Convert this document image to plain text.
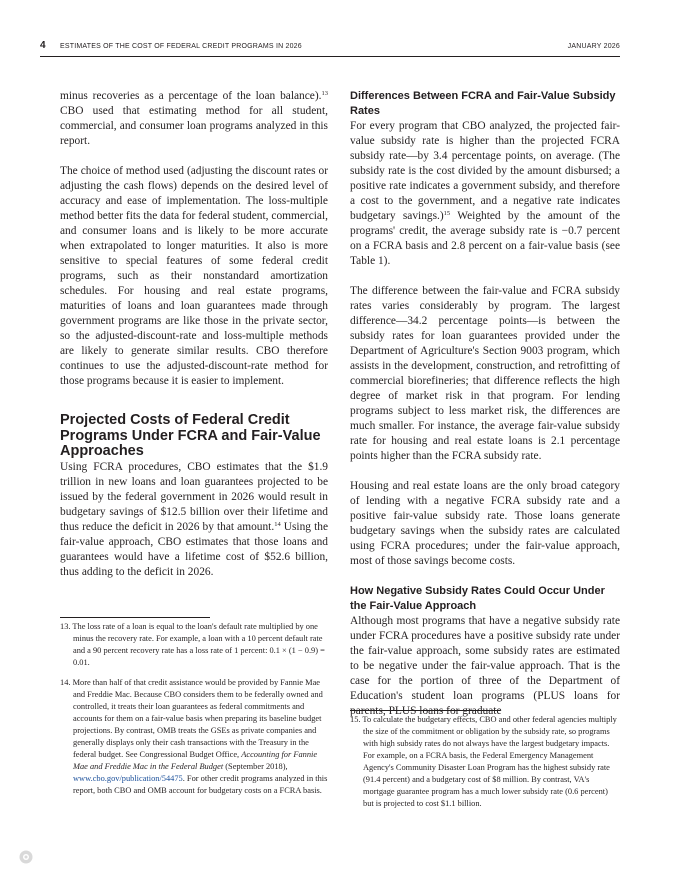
4 ESTIMATES OF THE COST OF FEDERAL CREDIT PROGRAMS IN 2026	JANUARY 2026

minus recoveries as a percentage of the loan balance).$^{13}$ CBO used that estimating method for all student, commercial, and consumer loan programs analyzed in this report.

The choice of method used (adjusting the discount rates or adjusting the cash flows) depends on the desired level of accuracy and ease of implementation. The loss-multiple method better fits the data for federal student, commercial, and consumer loans and is likely to be more accurate when extrapolated to longer maturities. It also is more sensitive to special features of some federal credit programs, such as their nonstandard amortization schedules. For housing and real estate programs, maturities of loans and loan guarantees made through government programs are like those in the private sector, so the adjusted-discount-rate and loss-multiple methods are likely to generate similar results. CBO therefore continues to use the adjusted-discount-rate method for those programs because it is easier to implement.

Projected Costs of Federal Credit Programs Under FCRA and Fair-Value Approaches

Using FCRA procedures, CBO estimates that the $1.9 trillion in new loans and loan guarantees projected to be issued by the federal government in 2026 would result in budgetary savings of $12.5 billion over their lifetime and thus reduce the deficit in 2026 by that amount.$^{14}$ Using the fair-value approach, CBO estimates that those loans and guarantees would have a lifetime cost of $52.6 billion, thus adding to the deficit in 2026.

Differences Between FCRA and Fair-Value Subsidy Rates

For every program that CBO analyzed, the projected fair-value subsidy rate is higher than the projected FCRA subsidy rate—by 3.4 percentage points, on average. (The subsidy rate is the cost divided by the amount disbursed; a positive rate indicates a government subsidy, and therefore a cost to the government, and a negative rate indicates budgetary savings.)$^{15}$ Weighted by the amount of the programs' credit, the average subsidy rate is −0.7 percent on a FCRA basis and 2.8 percent on a fair-value basis (see Table 1).

The difference between the fair-value and FCRA subsidy rates varies considerably by program. The largest difference—34.2 percentage points—is between the subsidy rates for loan guarantees provided under the Department of Agriculture's Section 9003 program, which assists in the development, construction, and retrofitting of commercial biorefineries; that difference reflects the high degree of market risk in that program. For lending programs subject to less market risk, the differences are much smaller. For instance, the average fair-value subsidy rate for housing and real estate loans is 2.1 percentage points higher than the FCRA subsidy rate.

Housing and real estate loans are the only broad category of lending with a negative FCRA subsidy rate and a positive fair-value subsidy rate. Those loans generate budgetary savings when the subsidy rates are calculated using FCRA procedures; under the fair-value approach, most of those savings become costs.

How Negative Subsidy Rates Could Occur Under the Fair-Value Approach

Although most programs that have a negative subsidy rate under FCRA procedures have a positive subsidy rate under the fair-value approach, some subsidy rates are estimated to be negative under the fair-value approach. That is the case for the portion of three of the Department of Education's student loan programs (PLUS loans for parents, PLUS loans for graduate

13. The loss rate of a loan is equal to the loan's default rate multiplied by one minus the recovery rate. For example, a loan with a 10 percent default rate and a 90 percent recovery rate has a loss rate of 1 percent: 0.1 × (1 − 0.9) = 0.01.

14. More than half of that credit assistance would be provided by Fannie Mae and Freddie Mac. Because CBO considers them to be federally owned and controlled, it treats their loan guarantees as federal commitments and accounts for them on a fair-value basis when preparing its baseline budget projections. By contrast, OMB treats the GSEs as private companies and generally displays only their cash transactions with the Treasury in the federal budget. See Congressional Budget Office, Accounting for Fannie Mae and Freddie Mac in the Federal Budget (September 2018), www.cbo.gov/publication/54475. For other credit programs analyzed in this report, both CBO and OMB account for budgetary costs on a FCRA basis.

15. To calculate the budgetary effects, CBO and other federal agencies multiply the size of the commitment or obligation by the subsidy rate, so programs with high subsidy rates do not always have the largest budgetary impacts. For example, on a FCRA basis, the Federal Emergency Management Agency's Community Disaster Loan Program has the highest subsidy rate (91.4 percent) and a budgetary cost of $8 million. By contrast, VA's mortgage guarantee program has a much lower subsidy rate (0.6 percent) but is projected to cost $1.1 billion.
